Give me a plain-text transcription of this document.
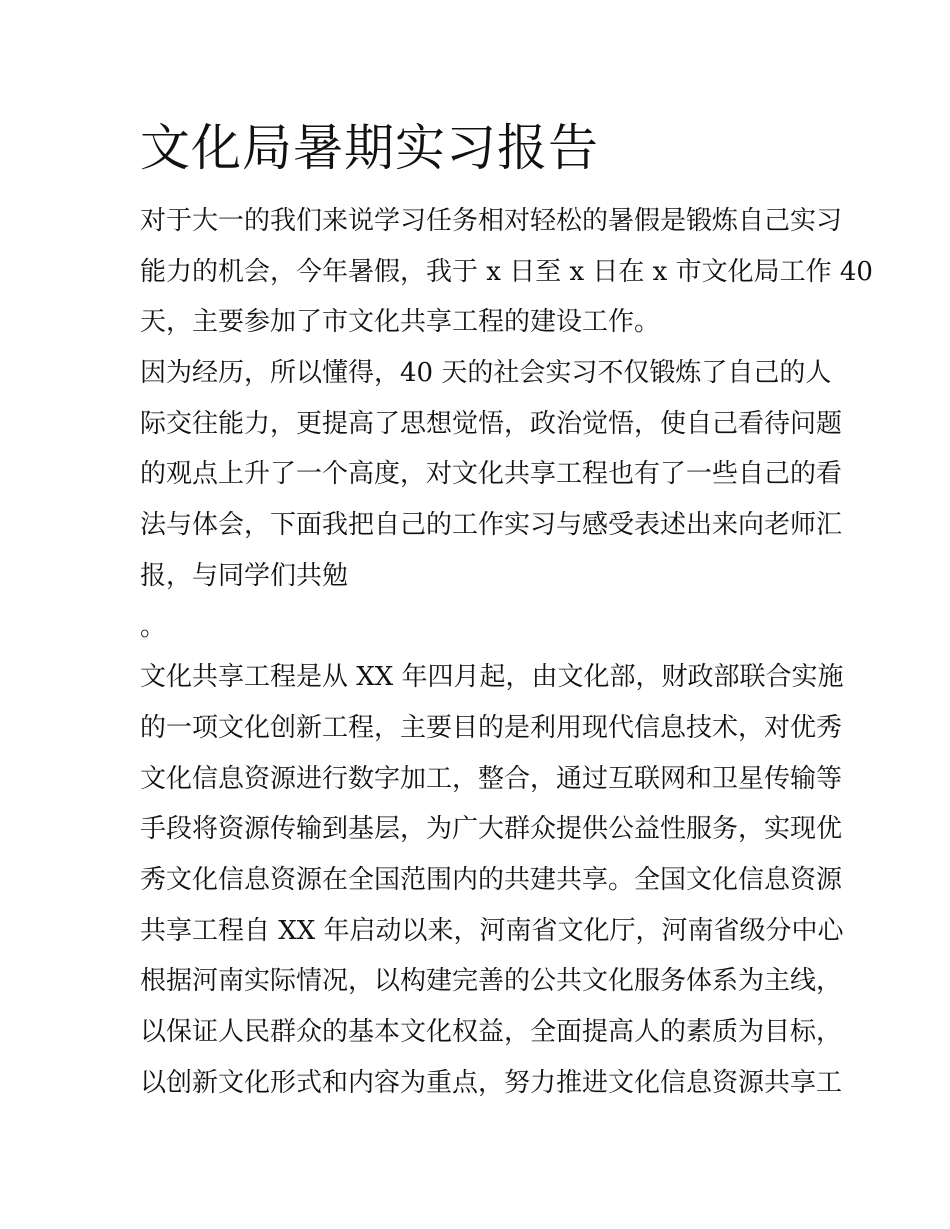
文化局暑期实习报告
对于大一的我们来说学习任务相对轻松的暑假是锻炼自己实习
能力的机会，今年暑假，我于 x 日至 x 日在 x 市文化局工作 40
天，主要参加了市文化共享工程的建设工作。
因为经历，所以懂得，40 天的社会实习不仅锻炼了自己的人
际交往能力，更提高了思想觉悟，政治觉悟，使自己看待问题
的观点上升了一个高度，对文化共享工程也有了一些自己的看
法与体会，下面我把自己的工作实习与感受表述出来向老师汇
报，与同学们共勉
。
文化共享工程是从 XX 年四月起，由文化部，财政部联合实施
的一项文化创新工程，主要目的是利用现代信息技术，对优秀
文化信息资源进行数字加工，整合，通过互联网和卫星传输等
手段将资源传输到基层，为广大群众提供公益性服务，实现优
秀文化信息资源在全国范围内的共建共享。全国文化信息资源
共享工程自 XX 年启动以来，河南省文化厅，河南省级分中心
根据河南实际情况，以构建完善的公共文化服务体系为主线，
以保证人民群众的基本文化权益，全面提高人的素质为目标，
以创新文化形式和内容为重点，努力推进文化信息资源共享工
